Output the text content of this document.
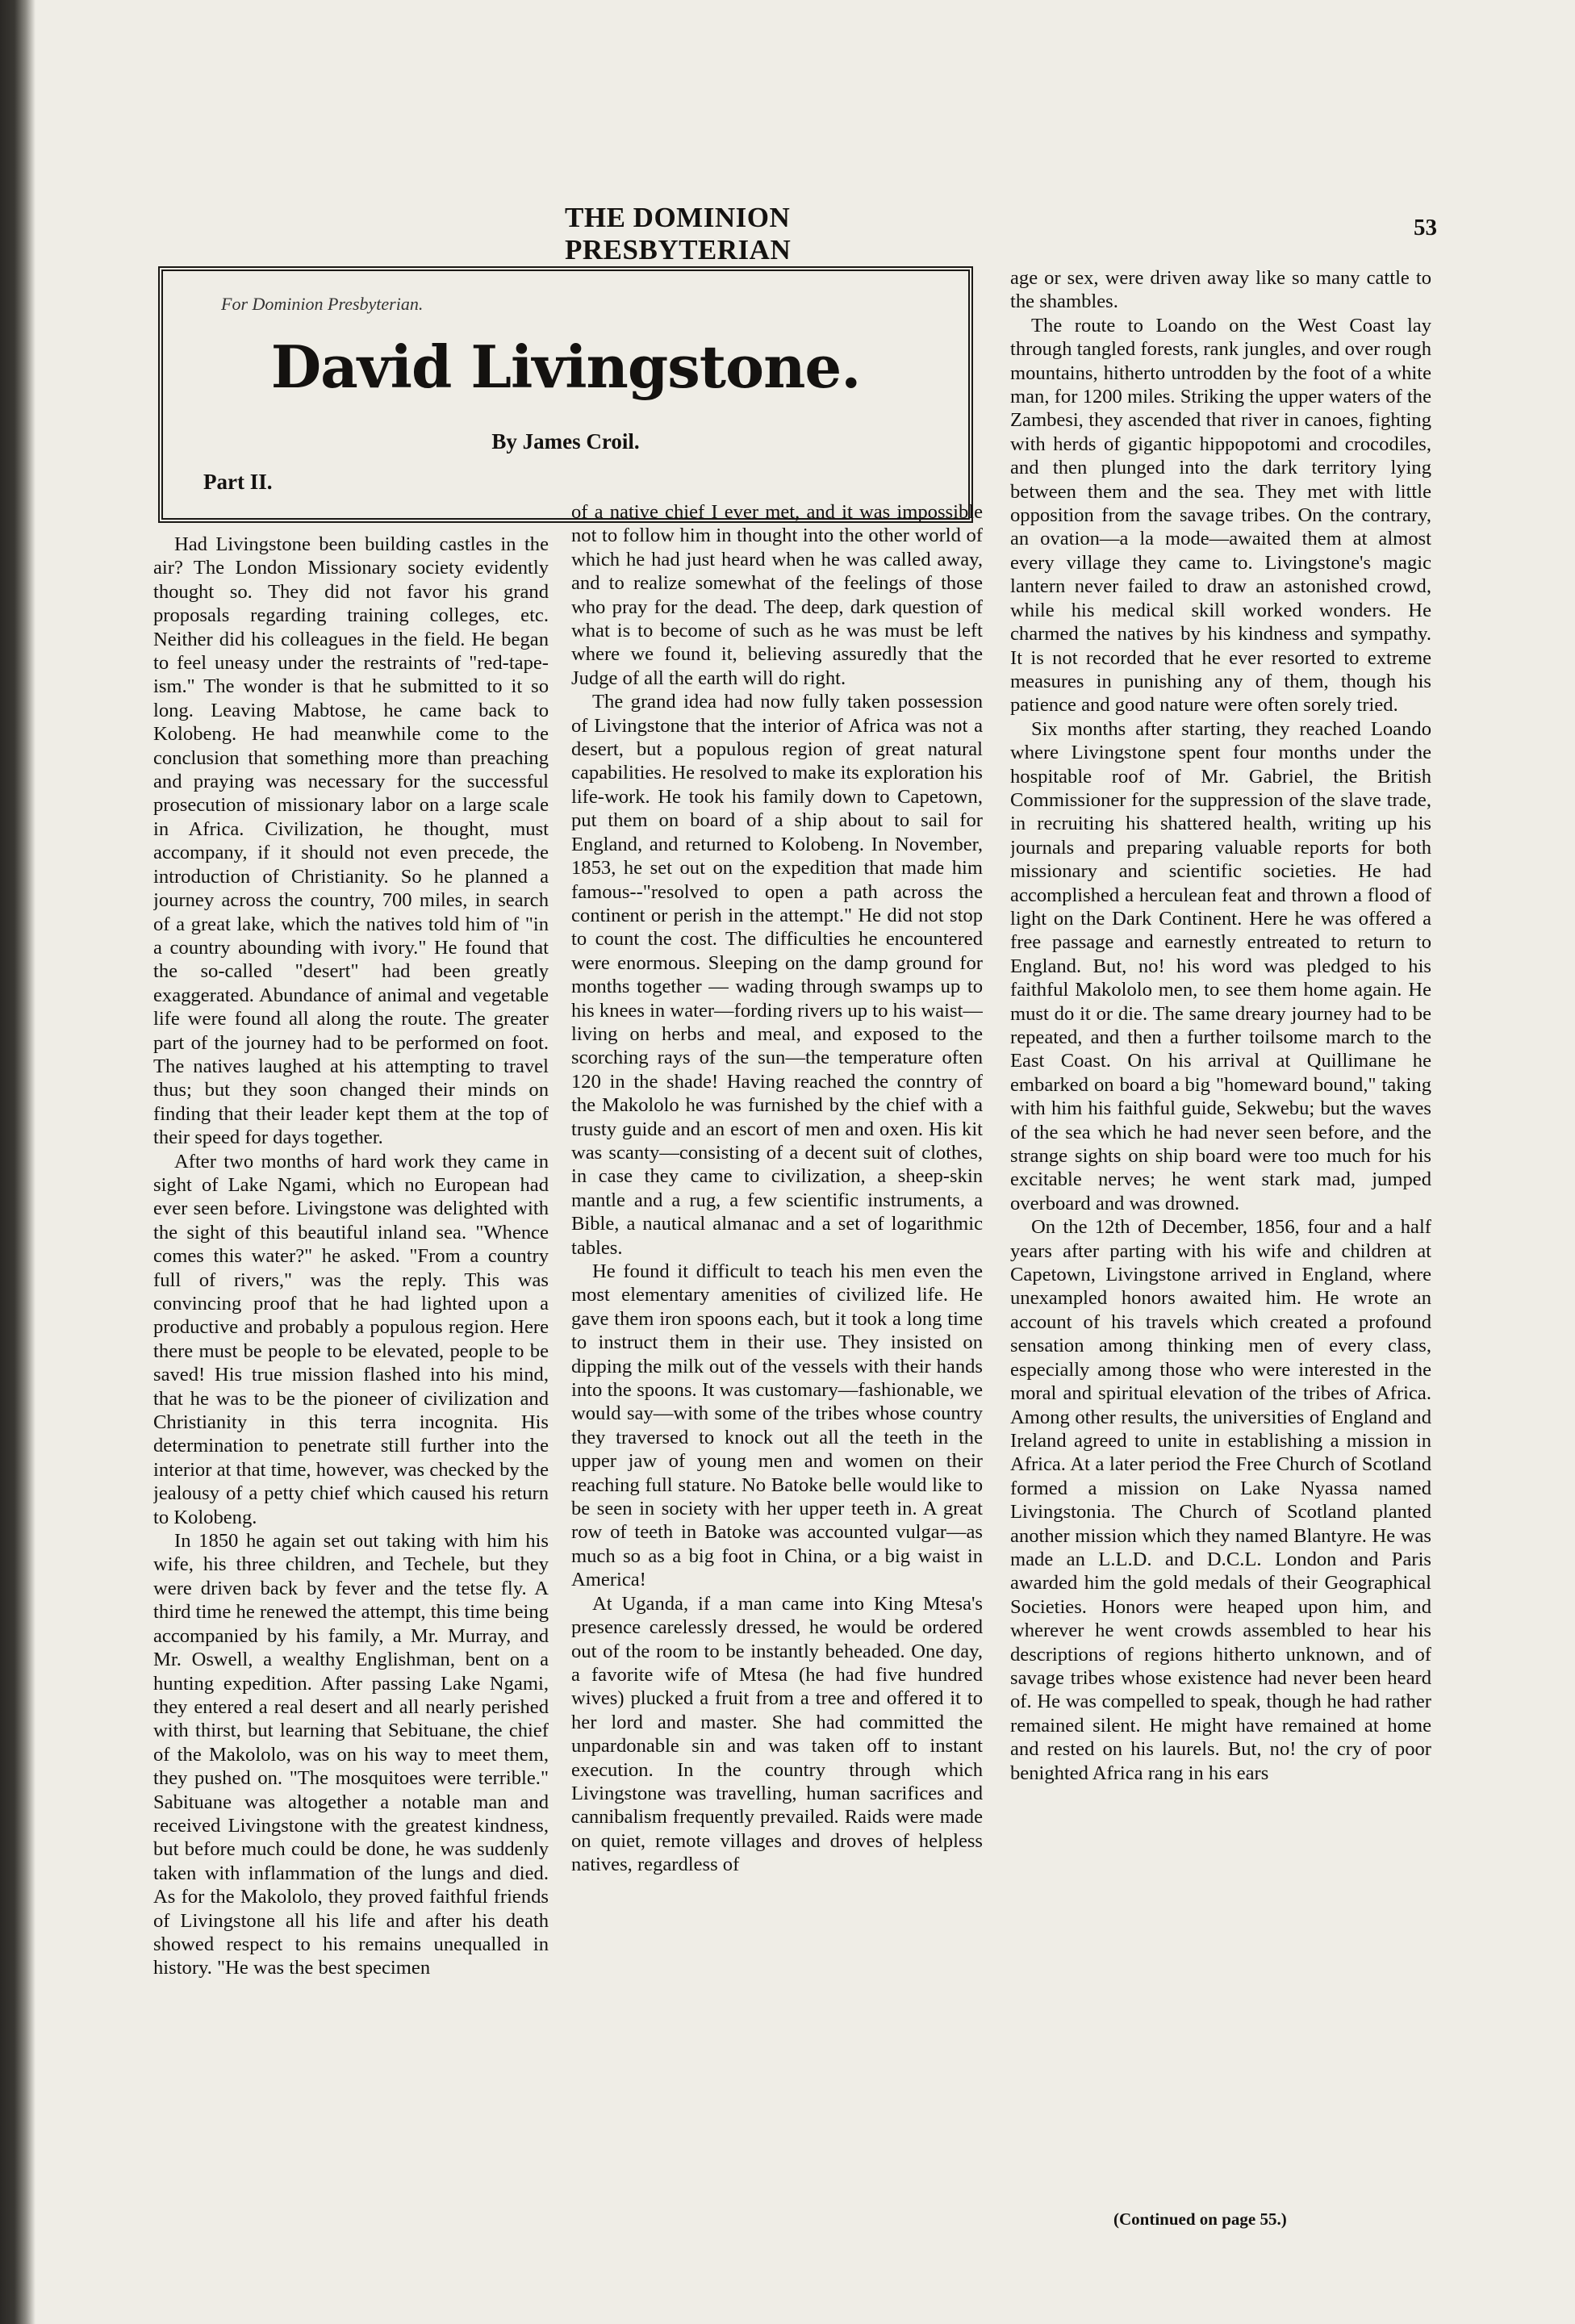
THE DOMINION PRESBYTERIAN
53
For Dominion Presbyterian.
David Livingstone.
By James Croil.
Part II.

Had Livingstone been building castles in the air? The London Missionary society evidently thought so. They did not favor his grand proposals regarding training colleges, etc. Neither did his colleagues in the field. He began to feel uneasy under the restraints of "red-tape-ism." The wonder is that he submitted to it so long. Leaving Mabtose, he came back to Kolobeng. He had meanwhile come to the conclusion that something more than preaching and praying was necessary for the successful prosecution of missionary labor on a large scale in Africa. Civilization, he thought, must accompany, if it should not even precede, the introduction of Christianity. So he planned a journey across the country, 700 miles, in search of a great lake, which the natives told him of "in a country abounding with ivory." He found that the so-called "desert" had been greatly exaggerated. Abundance of animal and vegetable life were found all along the route. The greater part of the journey had to be performed on foot. The natives laughed at his attempting to travel thus; but they soon changed their minds on finding that their leader kept them at the top of their speed for days together.

After two months of hard work they came in sight of Lake Ngami, which no European had ever seen before. Livingstone was delighted with the sight of this beautiful inland sea. "Whence comes this water?" he asked. "From a country full of rivers," was the reply. This was convincing proof that he had lighted upon a productive and probably a populous region. Here there must be people to be elevated, people to be saved! His true mission flashed into his mind, that he was to be the pioneer of civilization and Christianity in this terra incognita. His determination to penetrate still further into the interior at that time, however, was checked by the jealousy of a petty chief which caused his return to Kolobeng.

In 1850 he again set out taking with him his wife, his three children, and Techele, but they were driven back by fever and the tetse fly. A third time he renewed the attempt, this time being accompanied by his family, a Mr. Murray, and Mr. Oswell, a wealthy Englishman, bent on a hunting expedition. After passing Lake Ngami, they entered a real desert and all nearly perished with thirst, but learning that Sebituane, the chief of the Makololo, was on his way to meet them, they pushed on. "The mosquitoes were terrible." Sabituane was altogether a notable man and received Livingstone with the greatest kindness, but before much could be done, he was suddenly taken with inflammation of the lungs and died. As for the Makololo, they proved faithful friends of Livingstone all his life and after his death showed respect to his remains unequalled in history. "He was the best specimen

of a native chief I ever met, and it was impossible not to follow him in thought into the other world of which he had just heard when he was called away, and to realize somewhat of the feelings of those who pray for the dead. The deep, dark question of what is to become of such as he was must be left where we found it, believing assuredly that the Judge of all the earth will do right.

The grand idea had now fully taken possession of Livingstone that the interior of Africa was not a desert, but a populous region of great natural capabilities. He resolved to make its exploration his life-work. He took his family down to Capetown, put them on board of a ship about to sail for England, and returned to Kolobeng. In November, 1853, he set out on the expedition that made him famous--"resolved to open a path across the continent or perish in the attempt." He did not stop to count the cost. The difficulties he encountered were enormous. Sleeping on the damp ground for months together — wading through swamps up to his knees in water—fording rivers up to his waist—living on herbs and meal, and exposed to the scorching rays of the sun—the temperature often 120 in the shade! Having reached the conntry of the Makololo he was furnished by the chief with a trusty guide and an escort of men and oxen. His kit was scanty—consisting of a decent suit of clothes, in case they came to civilization, a sheep-skin mantle and a rug, a few scientific instruments, a Bible, a nautical almanac and a set of logarithmic tables.

He found it difficult to teach his men even the most elementary amenities of civilized life. He gave them iron spoons each, but it took a long time to instruct them in their use. They insisted on dipping the milk out of the vessels with their hands into the spoons. It was customary—fashionable, we would say—with some of the tribes whose country they traversed to knock out all the teeth in the upper jaw of young men and women on their reaching full stature. No Batoke belle would like to be seen in society with her upper teeth in. A great row of teeth in Batoke was accounted vulgar—as much so as a big foot in China, or a big waist in America!

At Uganda, if a man came into King Mtesa's presence carelessly dressed, he would be ordered out of the room to be instantly beheaded. One day, a favorite wife of Mtesa (he had five hundred wives) plucked a fruit from a tree and offered it to her lord and master. She had committed the unpardonable sin and was taken off to instant execution. In the country through which Livingstone was travelling, human sacrifices and cannibalism frequently prevailed. Raids were made on quiet, remote villages and droves of helpless natives, regardless of

age or sex, were driven away like so many cattle to the shambles.

The route to Loando on the West Coast lay through tangled forests, rank jungles, and over rough mountains, hitherto untrodden by the foot of a white man, for 1200 miles. Striking the upper waters of the Zambesi, they ascended that river in canoes, fighting with herds of gigantic hippopotomi and crocodiles, and then plunged into the dark territory lying between them and the sea. They met with little opposition from the savage tribes. On the contrary, an ovation—a la mode—awaited them at almost every village they came to. Livingstone's magic lantern never failed to draw an astonished crowd, while his medical skill worked wonders. He charmed the natives by his kindness and sympathy. It is not recorded that he ever resorted to extreme measures in punishing any of them, though his patience and good nature were often sorely tried.

Six months after starting, they reached Loando where Livingstone spent four months under the hospitable roof of Mr. Gabriel, the British Commissioner for the suppression of the slave trade, in recruiting his shattered health, writing up his journals and preparing valuable reports for both missionary and scientific societies. He had accomplished a herculean feat and thrown a flood of light on the Dark Continent. Here he was offered a free passage and earnestly entreated to return to England. But, no! his word was pledged to his faithful Makololo men, to see them home again. He must do it or die. The same dreary journey had to be repeated, and then a further toilsome march to the East Coast. On his arrival at Quillimane he embarked on board a big "homeward bound," taking with him his faithful guide, Sekwebu; but the waves of the sea which he had never seen before, and the strange sights on ship board were too much for his excitable nerves; he went stark mad, jumped overboard and was drowned.

On the 12th of December, 1856, four and a half years after parting with his wife and children at Capetown, Livingstone arrived in England, where unexampled honors awaited him. He wrote an account of his travels which created a profound sensation among thinking men of every class, especially among those who were interested in the moral and spiritual elevation of the tribes of Africa. Among other results, the universities of England and Ireland agreed to unite in establishing a mission in Africa. At a later period the Free Church of Scotland formed a mission on Lake Nyassa named Livingstonia. The Church of Scotland planted another mission which they named Blantyre. He was made an L.L.D. and D.C.L. London and Paris awarded him the gold medals of their Geographical Societies. Honors were heaped upon him, and wherever he went crowds assembled to hear his descriptions of regions hitherto unknown, and of savage tribes whose existence had never been heard of. He was compelled to speak, though he had rather remained silent. He might have remained at home and rested on his laurels. But, no! the cry of poor benighted Africa rang in his ears

(Continued on page 55.)
